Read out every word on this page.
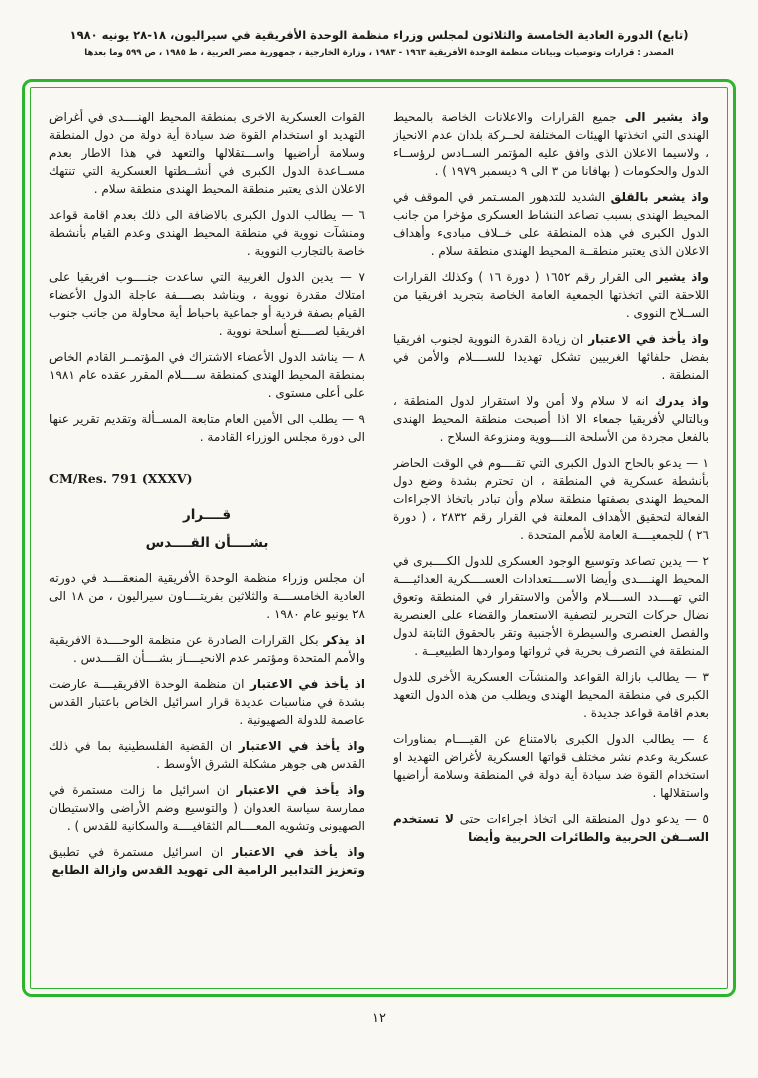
(تابع) الدورة العادية الخامسة والثلاثون لمجلس وزراء منظمة الوحدة الأفريقية في سيراليون، ١٨-٢٨ يونيه ١٩٨٠
المصدر : قرارات وتوصيات وبيانات منظمة الوحدة الأفريقية ١٩٦٣ - ١٩٨٣ ، وزارة الخارجية ، جمهورية مصر العربية ، ط ١٩٨٥ ، ص ٥٩٩ وما بعدها

واذ يشير الى جميع القرارات والاعلانات الخاصة بالمحيط الهندى التي اتخذتها الهيئات المختلفة لحــركة بلدان عدم الانحياز ، ولاسيما الاعلان الذى وافق عليه المؤتمر الســادس لرؤســاء الدول والحكومات ( بهافانا من ٣ الى ٩ ديسمبر ١٩٧٩ ) .

واذ يشعر بالقلق الشديد للتدهور المسـتمر في الموقف في المحيط الهندى بسبب تصاعد النشاط العسكرى مؤخرا من جانب الدول الكبرى في هذه المنطقة على خــلاف مبادىء وأهداف الاعلان الذى يعتبر منطقــة المحيط الهندى منطقة سلام .

واذ يشير الى القرار رقم ١٦٥٢ ( دورة ١٦ ) وكذلك القرارات اللاحقة التي اتخذتها الجمعية العامة الخاصة بتجريد افريقيا من الســلاح النووى .

واذ يأخذ في الاعتبار ان زيادة القدرة النووية لجنوب افريقيا بفضل حلفائها الغربيين تشكل تهديدا للســــلام والأمن في المنطقة .

واذ يدرك انه لا سلام ولا أمن ولا استقرار لدول المنطقة ، وبالتالي لأفريقيا جمعاء الا اذا أصبحت منطقة المحيط الهندى بالفعل مجردة من الأسلحة النــــووية ومنزوعة السلاح .

١ — يدعو بالحاح الدول الكبرى التي تقــــوم في الوقت الحاضر بأنشطة عسكرية في المنطقة ، ان تحترم بشدة وضع دول المحيط الهندى بصفتها منطقة سلام وأن تبادر باتخاذ الاجراءات الفعالة لتحقيق الأهداف المعلنة في القرار رقم ٢٨٣٢ ، ( دورة ٢٦ ) للجمعيــــة العامة للأمم المتحدة .

٢ — يدين تصاعد وتوسيع الوجود العسكرى للدول الكــــبرى في المحيط الهنــــدى وأيضا الاســــتعدادات العســــكرية العدائيــــة التي تهــــدد الســــلام والأمن والاستقرار في المنطقة وتعوق نضال حركات التحرير لتصفية الاستعمار والقضاء على العنصرية والفصل العنصرى والسيطرة الأجنبية وتقر بالحقوق الثابتة لدول المنطقة في التصرف بحرية في ثرواتها ومواردها الطبيعيــة .

٣ — يطالب بازالة القواعد والمنشآت العسكرية الأخرى للدول الكبرى في منطقة المحيط الهندى ويطلب من هذه الدول التعهد بعدم اقامة قواعد جديدة .

٤ — يطالب الدول الكبرى بالامتناع عن القيــــام بمناورات عسكرية وعدم نشر مختلف قواتها العسكرية لأغراض التهديد او استخدام القوة ضد سيادة أية دولة في المنطقة وسلامة أراضيها واستقلالها .

٥ — يدعو دول المنطقة الى اتخاذ اجراءات حتى لا تستخدم الســفن الحربية والطائرات الحربية وأيضا

القوات العسكرية الاخرى بمنطقة المحيط الهنــــدى في أغراض التهديد او استخدام القوة ضد سيادة أية دولة من دول المنطقة وسلامة أراضيها واســـتقلالها والتعهد في هذا الاطار بعدم مســاعدة الدول الكبرى في أنشــطتها العسكرية التي تنتهك الاعلان الذى يعتبر منطقة المحيط الهندى منطقة سلام .

٦ — يطالب الدول الكبرى بالاضافة الى ذلك بعدم اقامة قواعد ومنشآت نووية في منطقة المحيط الهندى وعدم القيام بأنشطة خاصة بالتجارب النووية .

٧ — يدين الدول الغربية التي ساعدت جنــــوب افريقيا على امتلاك مقدرة نووية ، ويناشد بصــــفة عاجلة الدول الأعضاء القيام بصفة فردية أو جماعية باحباط أية محاولة من جانب جنوب افريقيا لصــــنع أسلحة نووية .

٨ — يناشد الدول الأعضاء الاشتراك في المؤتمــر القادم الخاص بمنطقة المحيط الهندى كمنطقة ســــلام المقرر عقده عام ١٩٨١ على أعلى مستوى .

٩ — يطلب الى الأمين العام متابعة المســألة وتقديم تقرير عنها الى دورة مجلس الوزراء القادمة .

CM/Res. 791 (XXXV)
قــــرار
بشــــأن القــــدس

ان مجلس وزراء منظمة الوحدة الأفريقية المنعقــــد في دورته العادية الخامســــة والثلاثين بفريتــــاون سيراليون ، من ١٨ الى ٢٨ يونيو عام ١٩٨٠ .

اذ يذكر بكل القرارات الصادرة عن منظمة الوحــــدة الافريقية والأمم المتحدة ومؤتمر عدم الانحيــــاز بشــــأن القــــدس .

اذ يأخذ في الاعتبار ان منظمة الوحدة الافريقيــــة عارضت بشدة في مناسبات عديدة قرار اسرائيل الخاص باعتبار القدس عاصمة للدولة الصهيونية .

واذ يأخذ في الاعتبار ان القضية الفلسطينية بما في ذلك القدس هى جوهر مشكلة الشرق الأوسط .

واذ يأخذ في الاعتبار ان اسرائيل ما زالت مستمرة في ممارسة سياسة العدوان ( والتوسيع وضم الأراضى والاستيطان الصهيونى وتشويه المعــــالم الثقافيــــة والسكانية للقدس ) .

واذ يأخذ في الاعتبار ان اسرائيل مستمرة في تطبيق وتعزيز التدابير الرامية الى تهويد القدس وازالة الطابع

١٢
